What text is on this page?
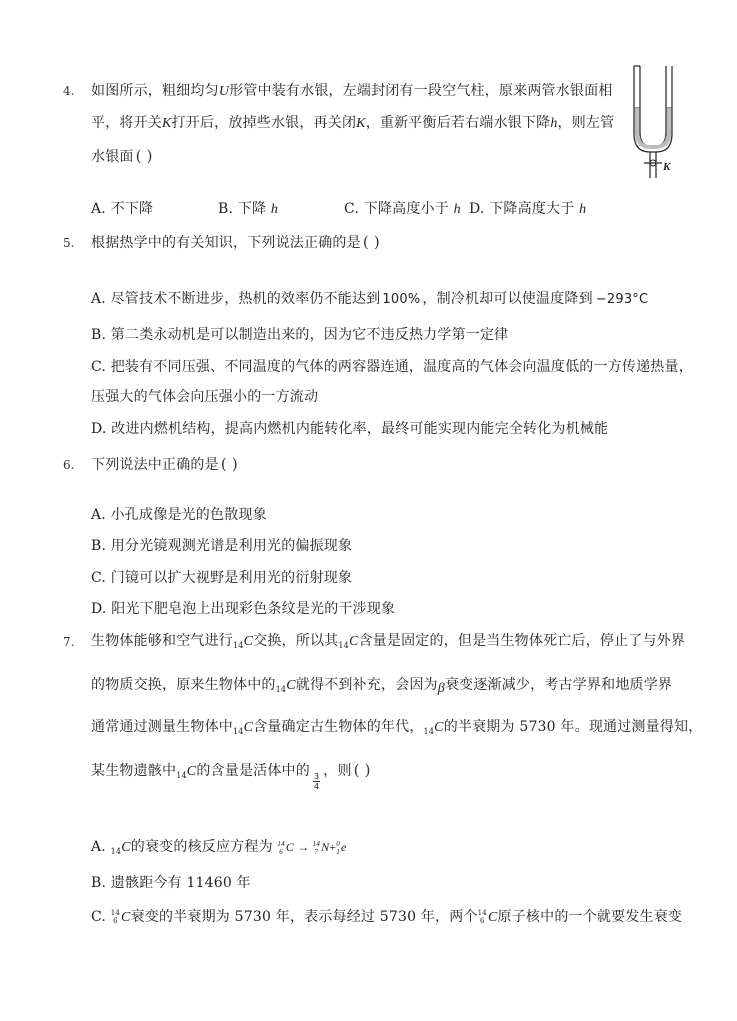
4. 如图所示，粗细均匀U形管中装有水银，左端封闭有一段空气柱，原来两管水银面相
平，将开关K打开后，放掉些水银，再关闭K，重新平衡后若右端水银下降h，则左管
水银面 ( )
K
A. 不下降	B. 下降 h	C. 下降高度小于 h D. 下降高度大于 h
5. 根据热学中的有关知识，下列说法正确的是 ( )
A. 尽管技术不断进步，热机的效率仍不能达到 100% ，制冷机却可以使温度降到 −293°C
B. 第二类永动机是可以制造出来的，因为它不违反热力学第一定律
C. 把装有不同压强、不同温度的气体的两容器连通，温度高的气体会向温度低的一方传递热量，
压强大的气体会向压强小的一方流动
D. 改进内燃机结构，提高内燃机内能转化率，最终可能实现内能完全转化为机械能
6. 下列说法中正确的是 ( )
A. 小孔成像是光的色散现象
B. 用分光镜观测光谱是利用光的偏振现象
C. 门镜可以扩大视野是利用光的衍射现象
D. 阳光下肥皂泡上出现彩色条纹是光的干涉现象
7. 生物体能够和空气进行$_{14}$C交换，所以其$_{14}$C含量是固定的，但是当生物体死亡后，停止了与外界
的物质交换，原来生物体中的$_{14}$C就得不到补充，会因为β衰变逐渐减少，考古学界和地质学界
通常通过测量生物体中$_{14}$C含量确定古生物体的年代，$_{14}$C的半衰期为 5730 年。现通过测量得知，
某生物遗骸中$_{14}$C的含量是活体中的
$\frac{3}{4}$
，则 ( )
A. $_{14}$C的衰变的核反应方程为 14
6 C → 14
7 N+ 0
1 e
B. 遗骸距今有 11460 年
C. 14
6 C衰变的半衰期为 5730 年，表示每经过 5730 年，两个 14
6 C原子核中的一个就要发生衰变
